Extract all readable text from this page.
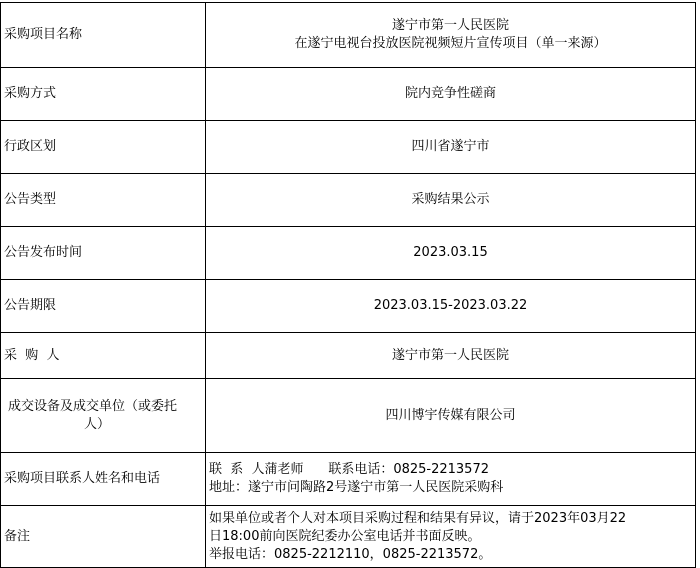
采购项目名称	遂宁市第一人民医院
在遂宁电视台投放医院视频短片宣传项目（单一来源）

采购方式	院内竞争性磋商
行政区划	四川省遂宁市
公告类型	采购结果公示
公告发布时间	2023.03.15
公告期限	2023.03.15-2023.03.22
采  购  人	遂宁市第一人民医院

成交设备及成交单位（或委托
人）	四川博宇传媒有限公司
采购项目联系人姓名和电话	联  系  人蒲老师      联系电话：0825-2213572
地址：遂宁市问陶路2号遂宁市第一人民医院采购科

备注	如果单位或者个人对本项目采购过程和结果有异议，请于2023年03月22
日18:00前向医院纪委办公室电话并书面反映。
举报电话：0825-2212110，0825-2213572。
